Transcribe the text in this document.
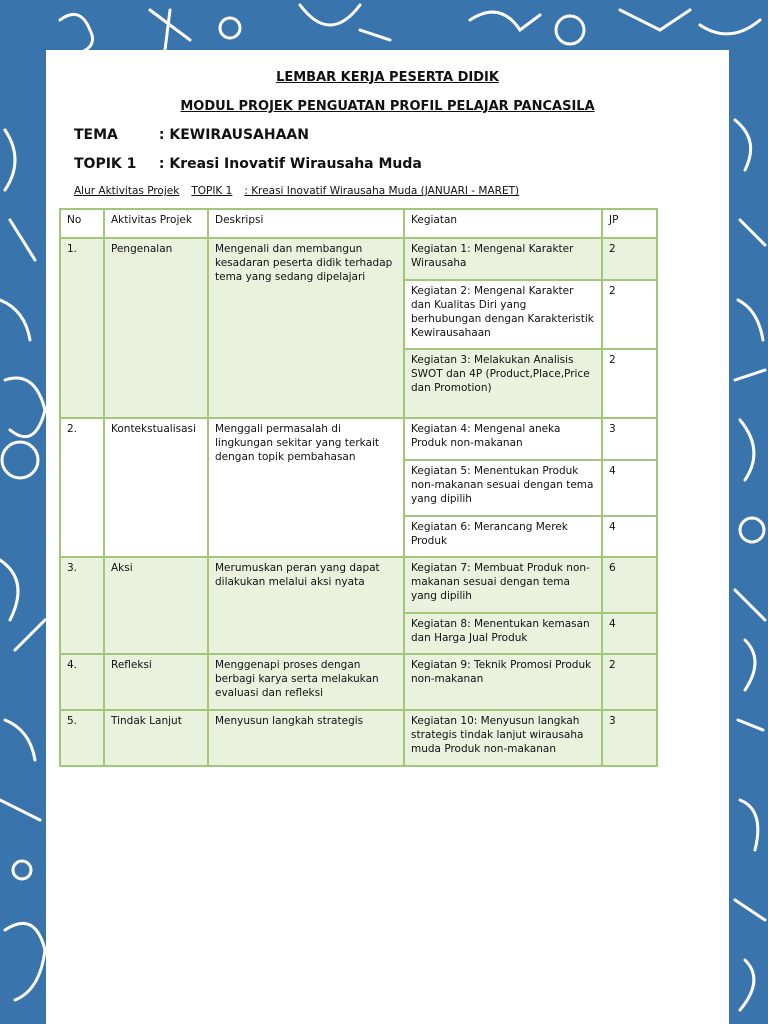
LEMBAR KERJA PESERTA DIDIK
MODUL PROJEK PENGUATAN PROFIL PELAJAR PANCASILA
TEMA	: KEWIRAUSAHAAN
TOPIK 1 : Kreasi Inovatif Wirausaha Muda
Alur Aktivitas Projek TOPIK 1 : Kreasi Inovatif Wirausaha Muda (JANUARI - MARET)
No	Aktivitas Projek	Deskripsi	Kegiatan	JP
1.	Pengenalan	Mengenali dan membangun kesadaran peserta didik terhadap tema yang sedang dipelajari	Kegiatan 1: Mengenal Karakter Wirausaha	2
			Kegiatan 2: Mengenal Karakter dan Kualitas Diri yang berhubungan dengan Karakteristik Kewirausahaan	2
			Kegiatan 3: Melakukan Analisis SWOT dan 4P (Product,Place,Price dan Promotion)	2
2.	Kontekstualisasi	Menggali permasalah di lingkungan sekitar yang terkait dengan topik pembahasan	Kegiatan 4: Mengenal aneka Produk non-makanan	3
			Kegiatan 5: Menentukan Produk non-makanan sesuai dengan tema yang dipilih	4
			Kegiatan 6: Merancang Merek Produk	4
3.	Aksi	Merumuskan peran yang dapat dilakukan melalui aksi nyata	Kegiatan 7: Membuat Produk non-makanan sesuai dengan tema yang dipilih	6
			Kegiatan 8: Menentukan kemasan dan Harga Jual Produk	4
4.	Refleksi	Menggenapi proses dengan berbagi karya serta melakukan evaluasi dan refleksi	Kegiatan 9: Teknik Promosi Produk non-makanan	2
5.	Tindak Lanjut	Menyusun langkah strategis	Kegiatan 10: Menyusun langkah strategis tindak lanjut wirausaha muda Produk non-makanan	3
